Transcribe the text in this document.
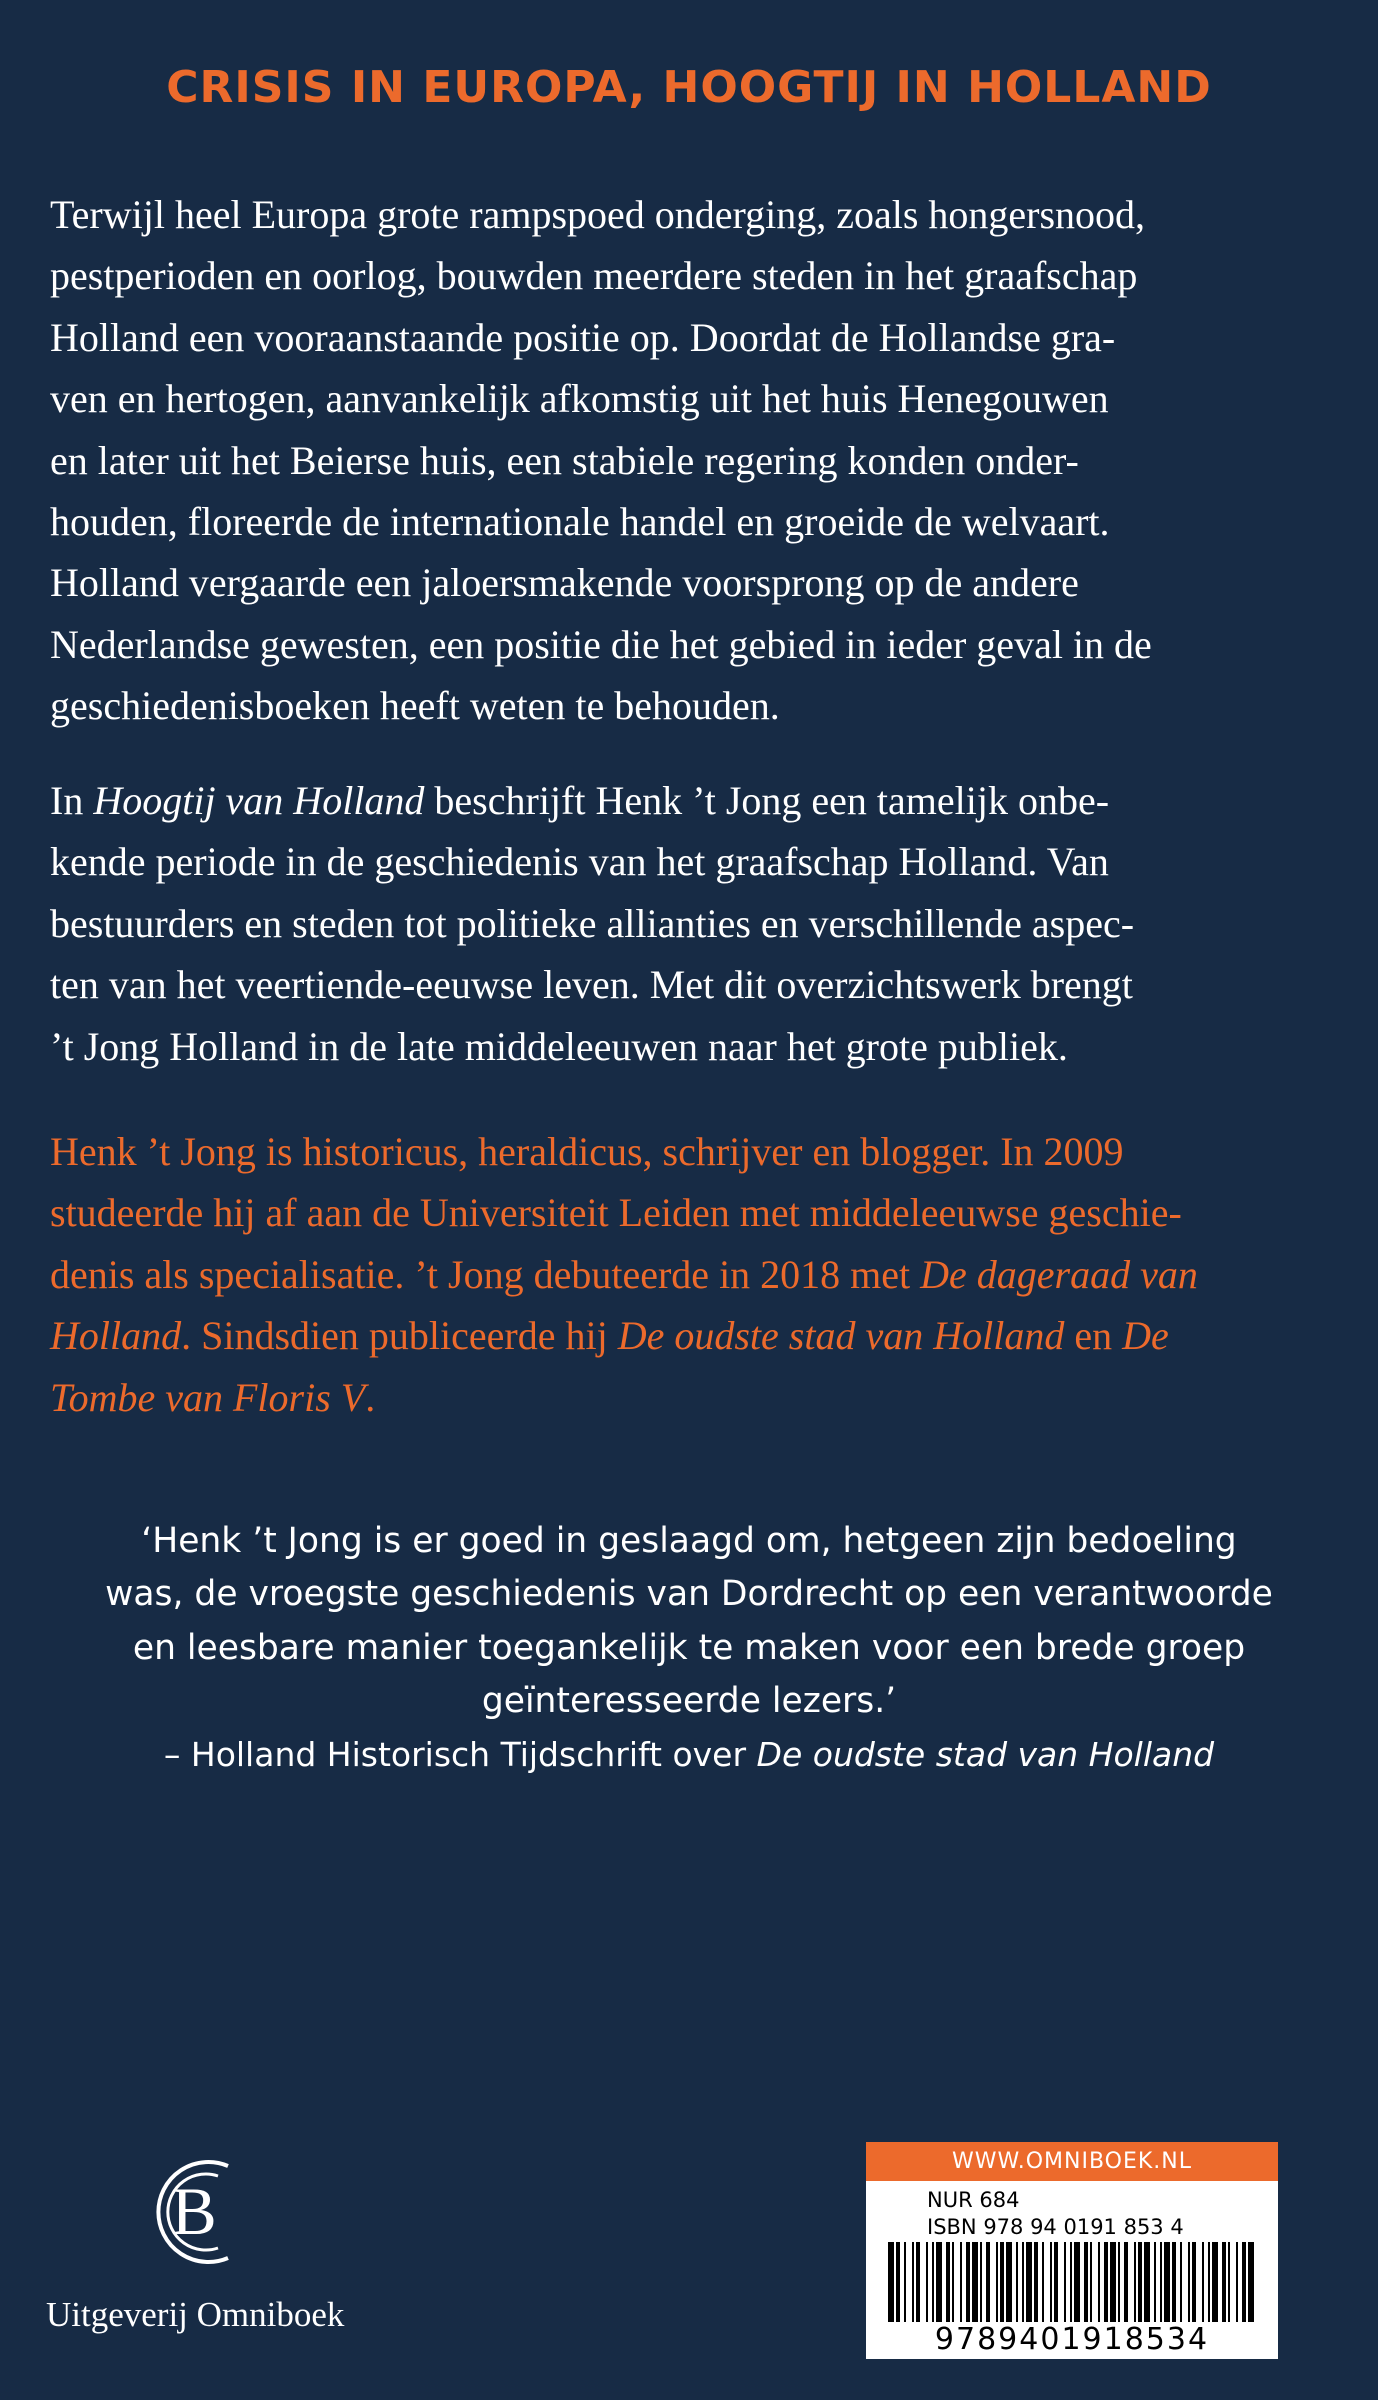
CRISIS IN EUROPA, HOOGTIJ IN HOLLAND

Terwijl heel Europa grote rampspoed onderging, zoals hongersnood,
pestperioden en oorlog, bouwden meerdere steden in het graafschap
Holland een vooraanstaande positie op. Doordat de Hollandse gra-
ven en hertogen, aanvankelijk afkomstig uit het huis Henegouwen
en later uit het Beierse huis, een stabiele regering konden onder-
houden, floreerde de internationale handel en groeide de welvaart.
Holland vergaarde een jaloersmakende voorsprong op de andere
Nederlandse gewesten, een positie die het gebied in ieder geval in de
geschiedenisboeken heeft weten te behouden.

In Hoogtij van Holland beschrijft Henk ’t Jong een tamelijk onbe-
kende periode in de geschiedenis van het graafschap Holland. Van
bestuurders en steden tot politieke allianties en verschillende aspec-
ten van het veertiende-eeuwse leven. Met dit overzichtswerk brengt
’t Jong Holland in de late middeleeuwen naar het grote publiek.

Henk ’t Jong is historicus, heraldicus, schrijver en blogger. In 2009
studeerde hij af aan de Universiteit Leiden met middeleeuwse geschie-
denis als specialisatie. ’t Jong debuteerde in 2018 met De dageraad van
Holland. Sindsdien publiceerde hij De oudste stad van Holland en De
Tombe van Floris V.

‘Henk ’t Jong is er goed in geslaagd om, hetgeen zijn bedoeling
was, de vroegste geschiedenis van Dordrecht op een verantwoorde
en leesbare manier toegankelijk te maken voor een brede groep
geïnteresseerde lezers.’
– Holland Historisch Tijdschrift over De oudste stad van Holland
B
Uitgeverij Omniboek
WWW.OMNIBOEK.NL
NUR 684
ISBN 978 94 0191 853 4
9789401918534
